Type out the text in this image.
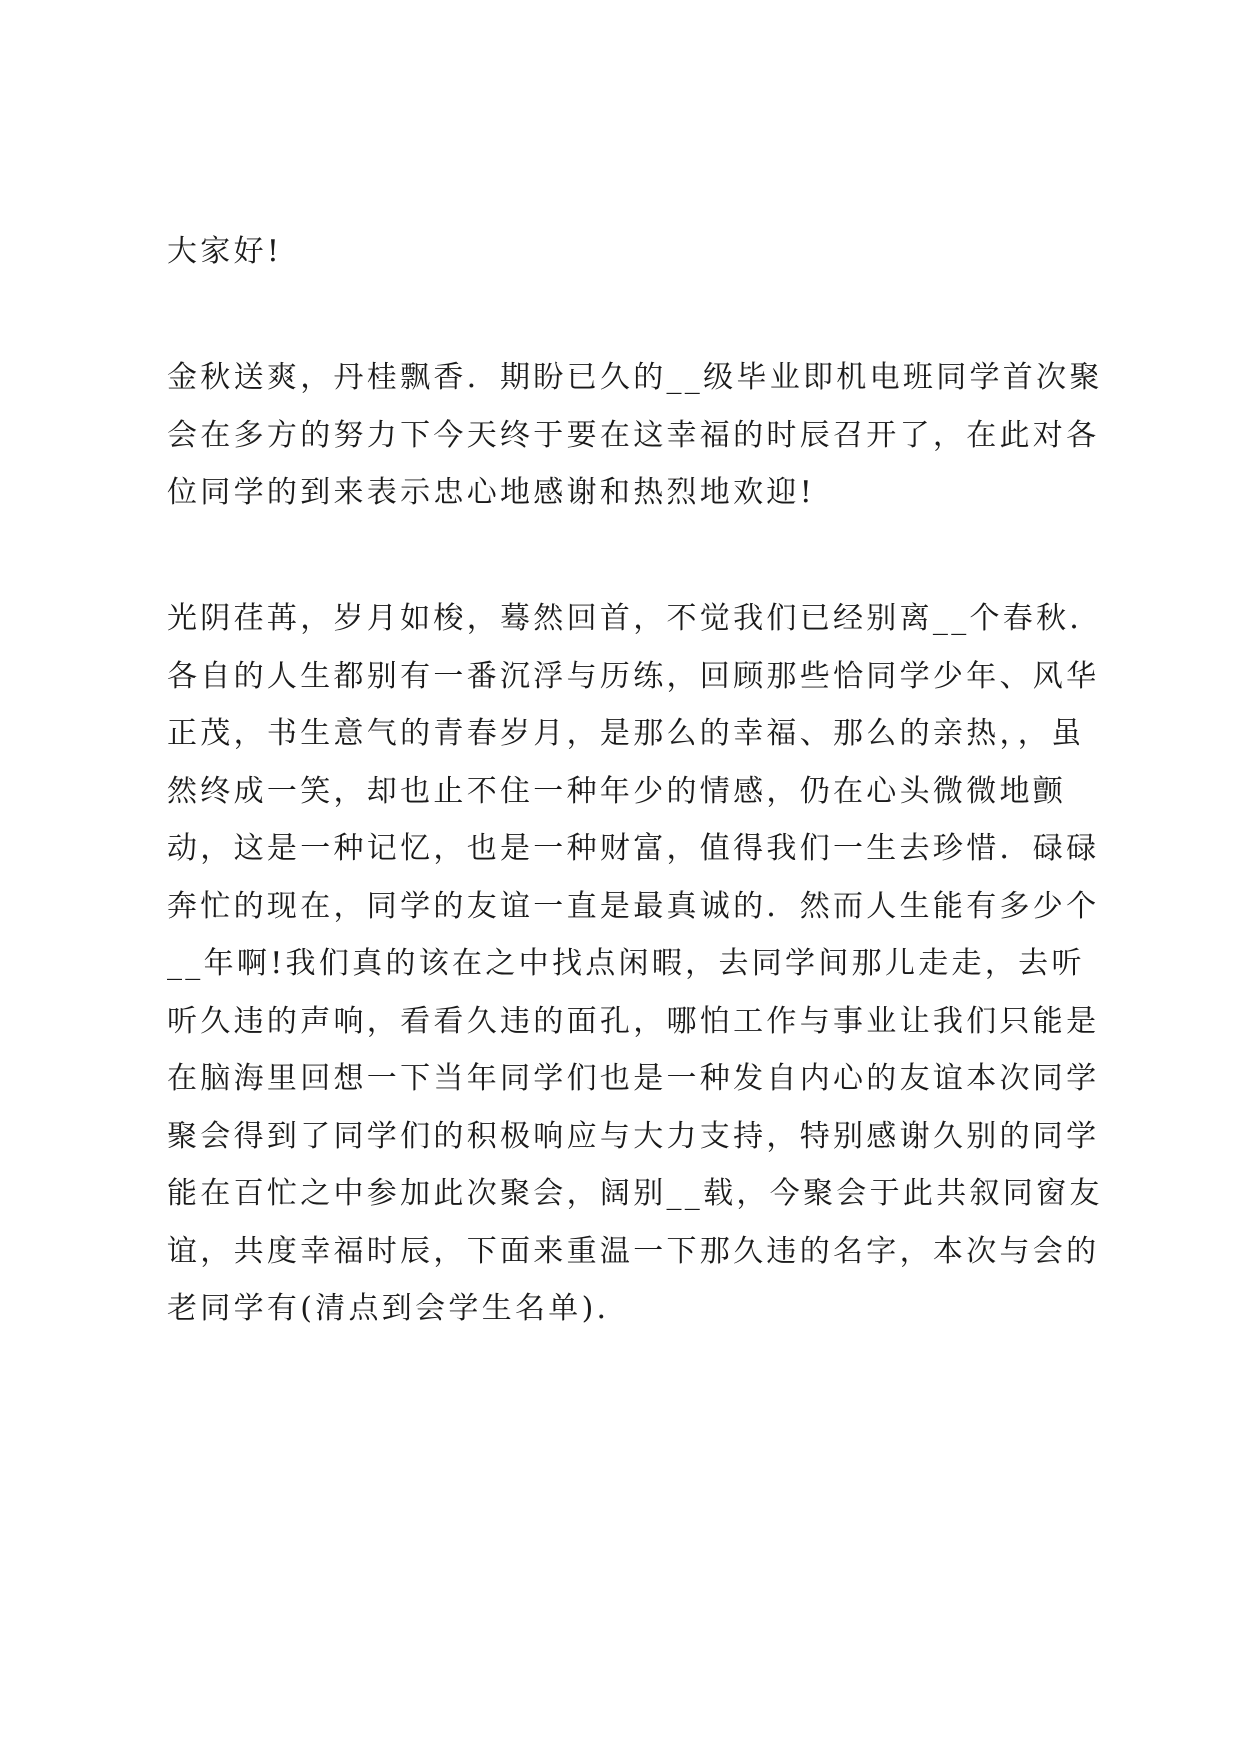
大家好!

金秋送爽，丹桂飘香．期盼已久的__级毕业即机电班同学首次聚
会在多方的努力下今天终于要在这幸福的时辰召开了，在此对各
位同学的到来表示忠心地感谢和热烈地欢迎!
光阴荏苒，岁月如梭，蓦然回首，不觉我们已经别离__个春秋．
各自的人生都别有一番沉浮与历练，回顾那些恰同学少年、风华
正茂，书生意气的青春岁月，是那么的幸福、那么的亲热，，虽
然终成一笑，却也止不住一种年少的情感，仍在心头微微地颤
动，这是一种记忆，也是一种财富，值得我们一生去珍惜．碌碌
奔忙的现在，同学的友谊一直是最真诚的．然而人生能有多少个
__年啊!我们真的该在之中找点闲暇，去同学间那儿走走，去听
听久违的声响，看看久违的面孔，哪怕工作与事业让我们只能是
在脑海里回想一下当年同学们也是一种发自内心的友谊本次同学
聚会得到了同学们的积极响应与大力支持，特别感谢久别的同学
能在百忙之中参加此次聚会，阔别__载，今聚会于此共叙同窗友
谊，共度幸福时辰，下面来重温一下那久违的名字，本次与会的
老同学有(清点到会学生名单)．
